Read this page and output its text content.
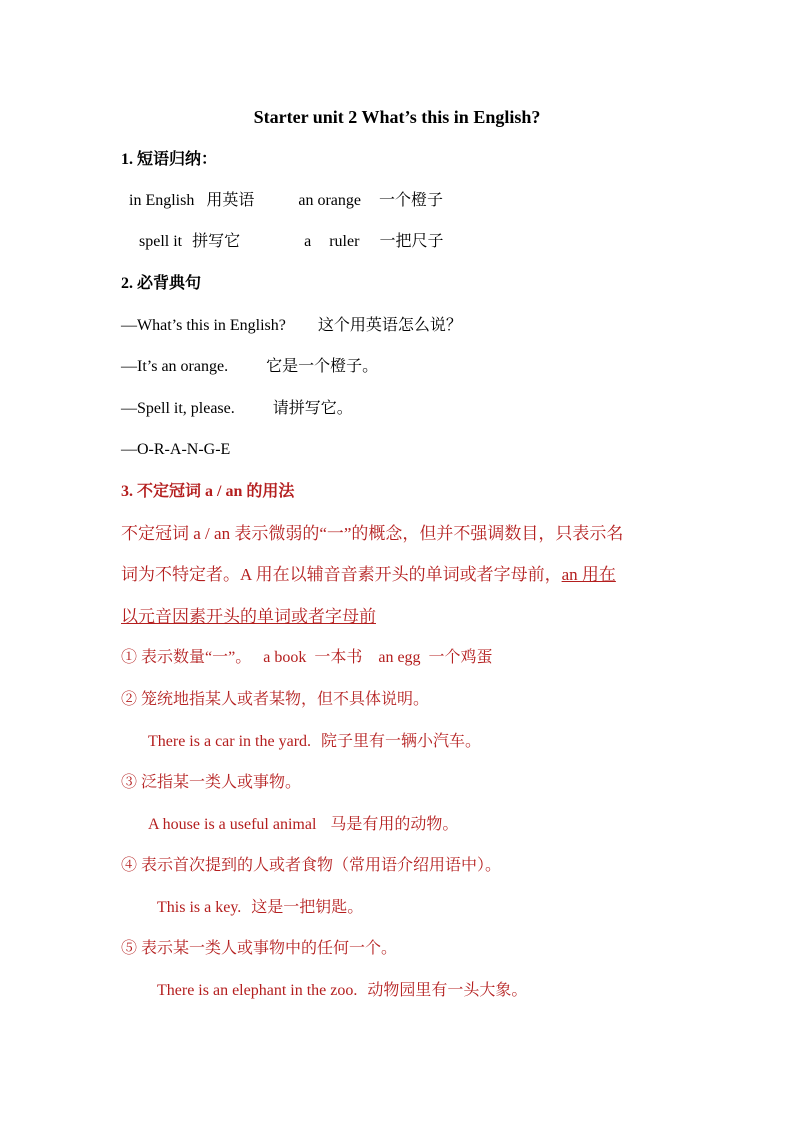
Starter unit 2 What’s this in English?
1. 短语归纳：
in English 用英语	an orange 一个橙子
spell it 拼写它	a ruler 一把尺子
2. 必背典句
—What’s this in English? 这个用英语怎么说？
—It’s an orange. 它是一个橙子。
—Spell it, please. 请拼写它。
—O-R-A-N-G-E
3. 不定冠词 a / an 的用法
不定冠词 a / an 表示微弱的“一”的概念，但并不强调数目，只表示名
词为不特定者。A 用在以辅音音素开头的单词或者字母前，an 用在
以元音因素开头的单词或者字母前
① 表示数量“一”。 a book 一本书 an egg 一个鸡蛋
② 笼统地指某人或者某物，但不具体说明。
There is a car in the yard. 院子里有一辆小汽车。
③ 泛指某一类人或事物。
A house is a useful animal 马是有用的动物。
④ 表示首次提到的人或者食物（常用语介绍用语中）。
This is a key. 这是一把钥匙。
⑤ 表示某一类人或事物中的任何一个。
There is an elephant in the zoo. 动物园里有一头大象。
